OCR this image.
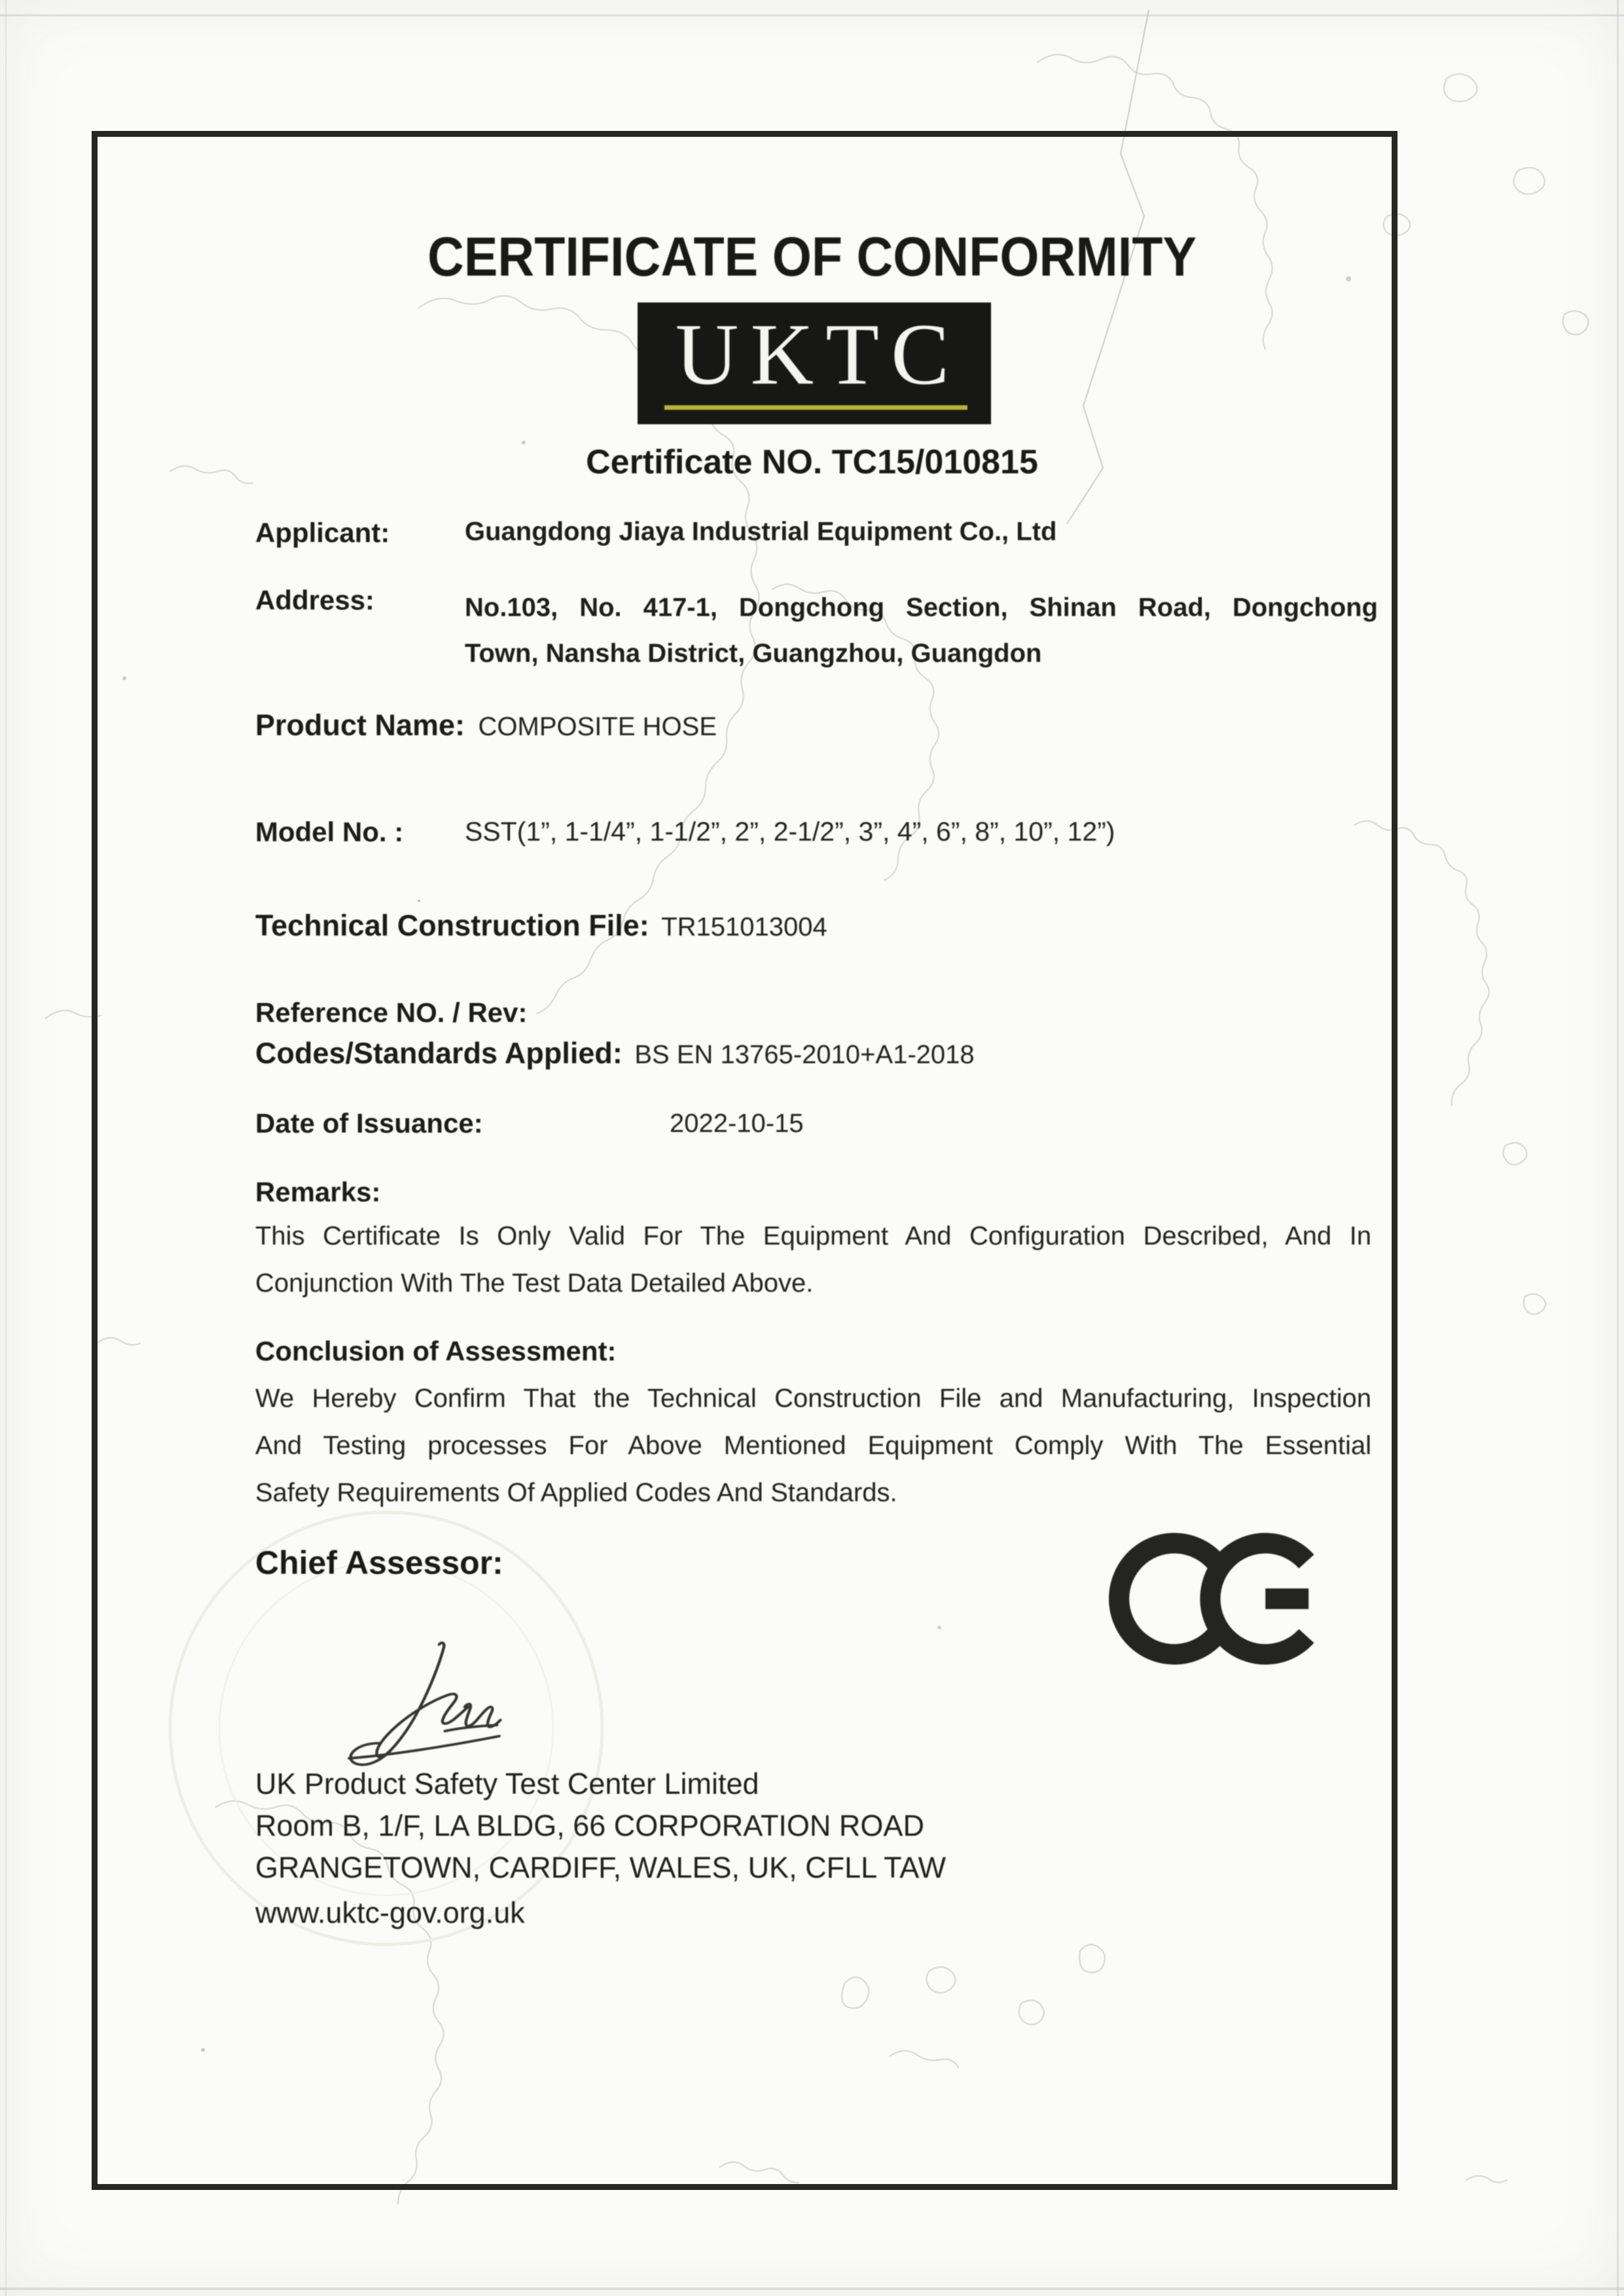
CERTIFICATE OF CONFORMITY
UKTC
Certificate NO. TC15/010815
Applicant:	Guangdong Jiaya Industrial Equipment Co., Ltd
Address:	No.103, No. 417-1, Dongchong Section, Shinan Road, Dongchong
Town, Nansha District, Guangzhou, Guangdon
Product Name: COMPOSITE HOSE
Model No. :	SST(1”, 1-1/4”, 1-1/2”, 2”, 2-1/2”, 3”, 4”, 6”, 8”, 10”, 12”)
Technical Construction File: TR151013004
Reference NO. / Rev:
Codes/Standards Applied: BS EN 13765-2010+A1-2018
Date of Issuance:	2022-10-15
Remarks:
This Certificate Is Only Valid For The Equipment And Configuration Described, And In
Conjunction With The Test Data Detailed Above.
Conclusion of Assessment:
We Hereby Confirm That the Technical Construction File and Manufacturing, Inspection
And Testing processes For Above Mentioned Equipment Comply With The Essential
Safety Requirements Of Applied Codes And Standards.
Chief Assessor:
UK Product Safety Test Center Limited
Room B, 1/F, LA BLDG, 66 CORPORATION ROAD
GRANGETOWN, CARDIFF, WALES, UK, CFLL TAW
www.uktc-gov.org.uk
